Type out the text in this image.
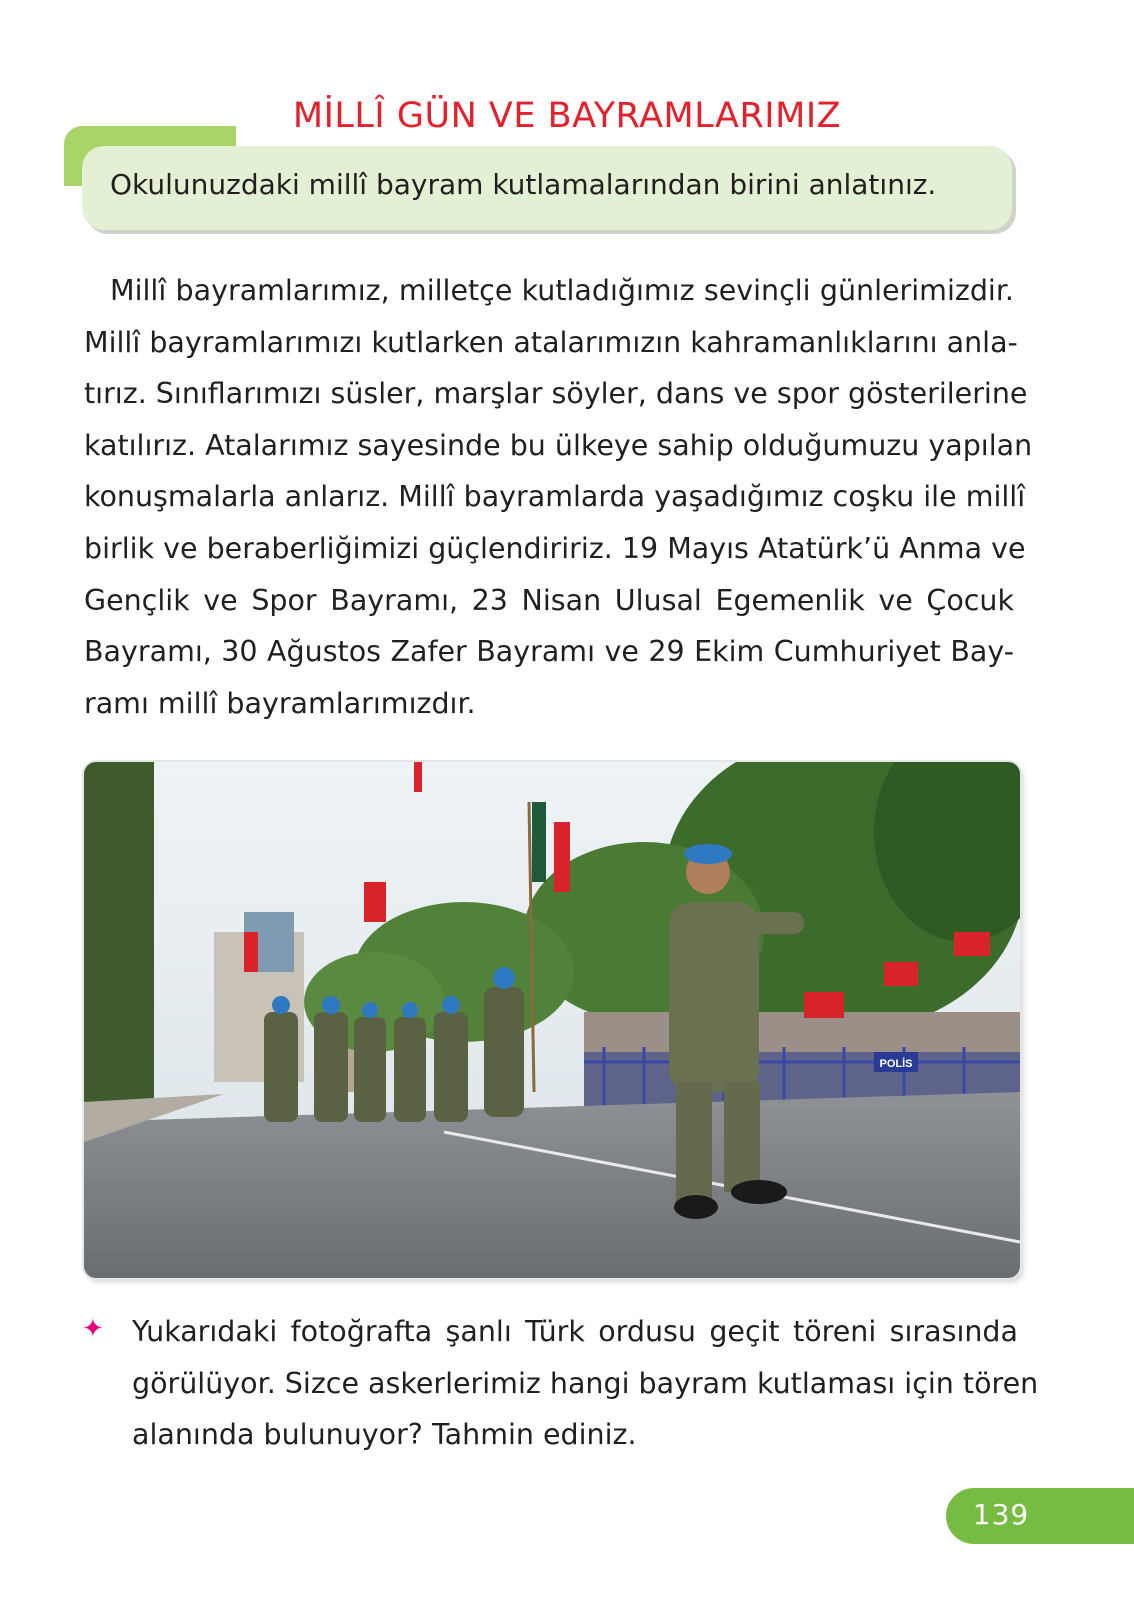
MİLLÎ GÜN VE BAYRAMLARIMIZ
Okulunuzdaki millî bayram kutlamalarından birini anlatınız.
Millî bayramlarımız, milletçe kutladığımız sevinçli günlerimizdir.
Millî bayramlarımızı kutlarken atalarımızın kahramanlıklarını anla-
tırız. Sınıflarımızı süsler, marşlar söyler, dans ve spor gösterilerine
katılırız. Atalarımız sayesinde bu ülkeye sahip olduğumuzu yapılan
konuşmalarla anlarız. Millî bayramlarda yaşadığımız coşku ile millî
birlik ve beraberliğimizi güçlendiririz. 19 Mayıs Atatürk’ü Anma ve
Gençlik ve Spor Bayramı, 23 Nisan Ulusal Egemenlik ve Çocuk
Bayramı, 30 Ağustos Zafer Bayramı ve 29 Ekim Cumhuriyet Bay-
ramı millî bayramlarımızdır.
POLİS
✦ Yukarıdaki fotoğrafta şanlı Türk ordusu geçit töreni sırasında
görülüyor. Sizce askerlerimiz hangi bayram kutlaması için tören
alanında bulunuyor? Tahmin ediniz.
139
